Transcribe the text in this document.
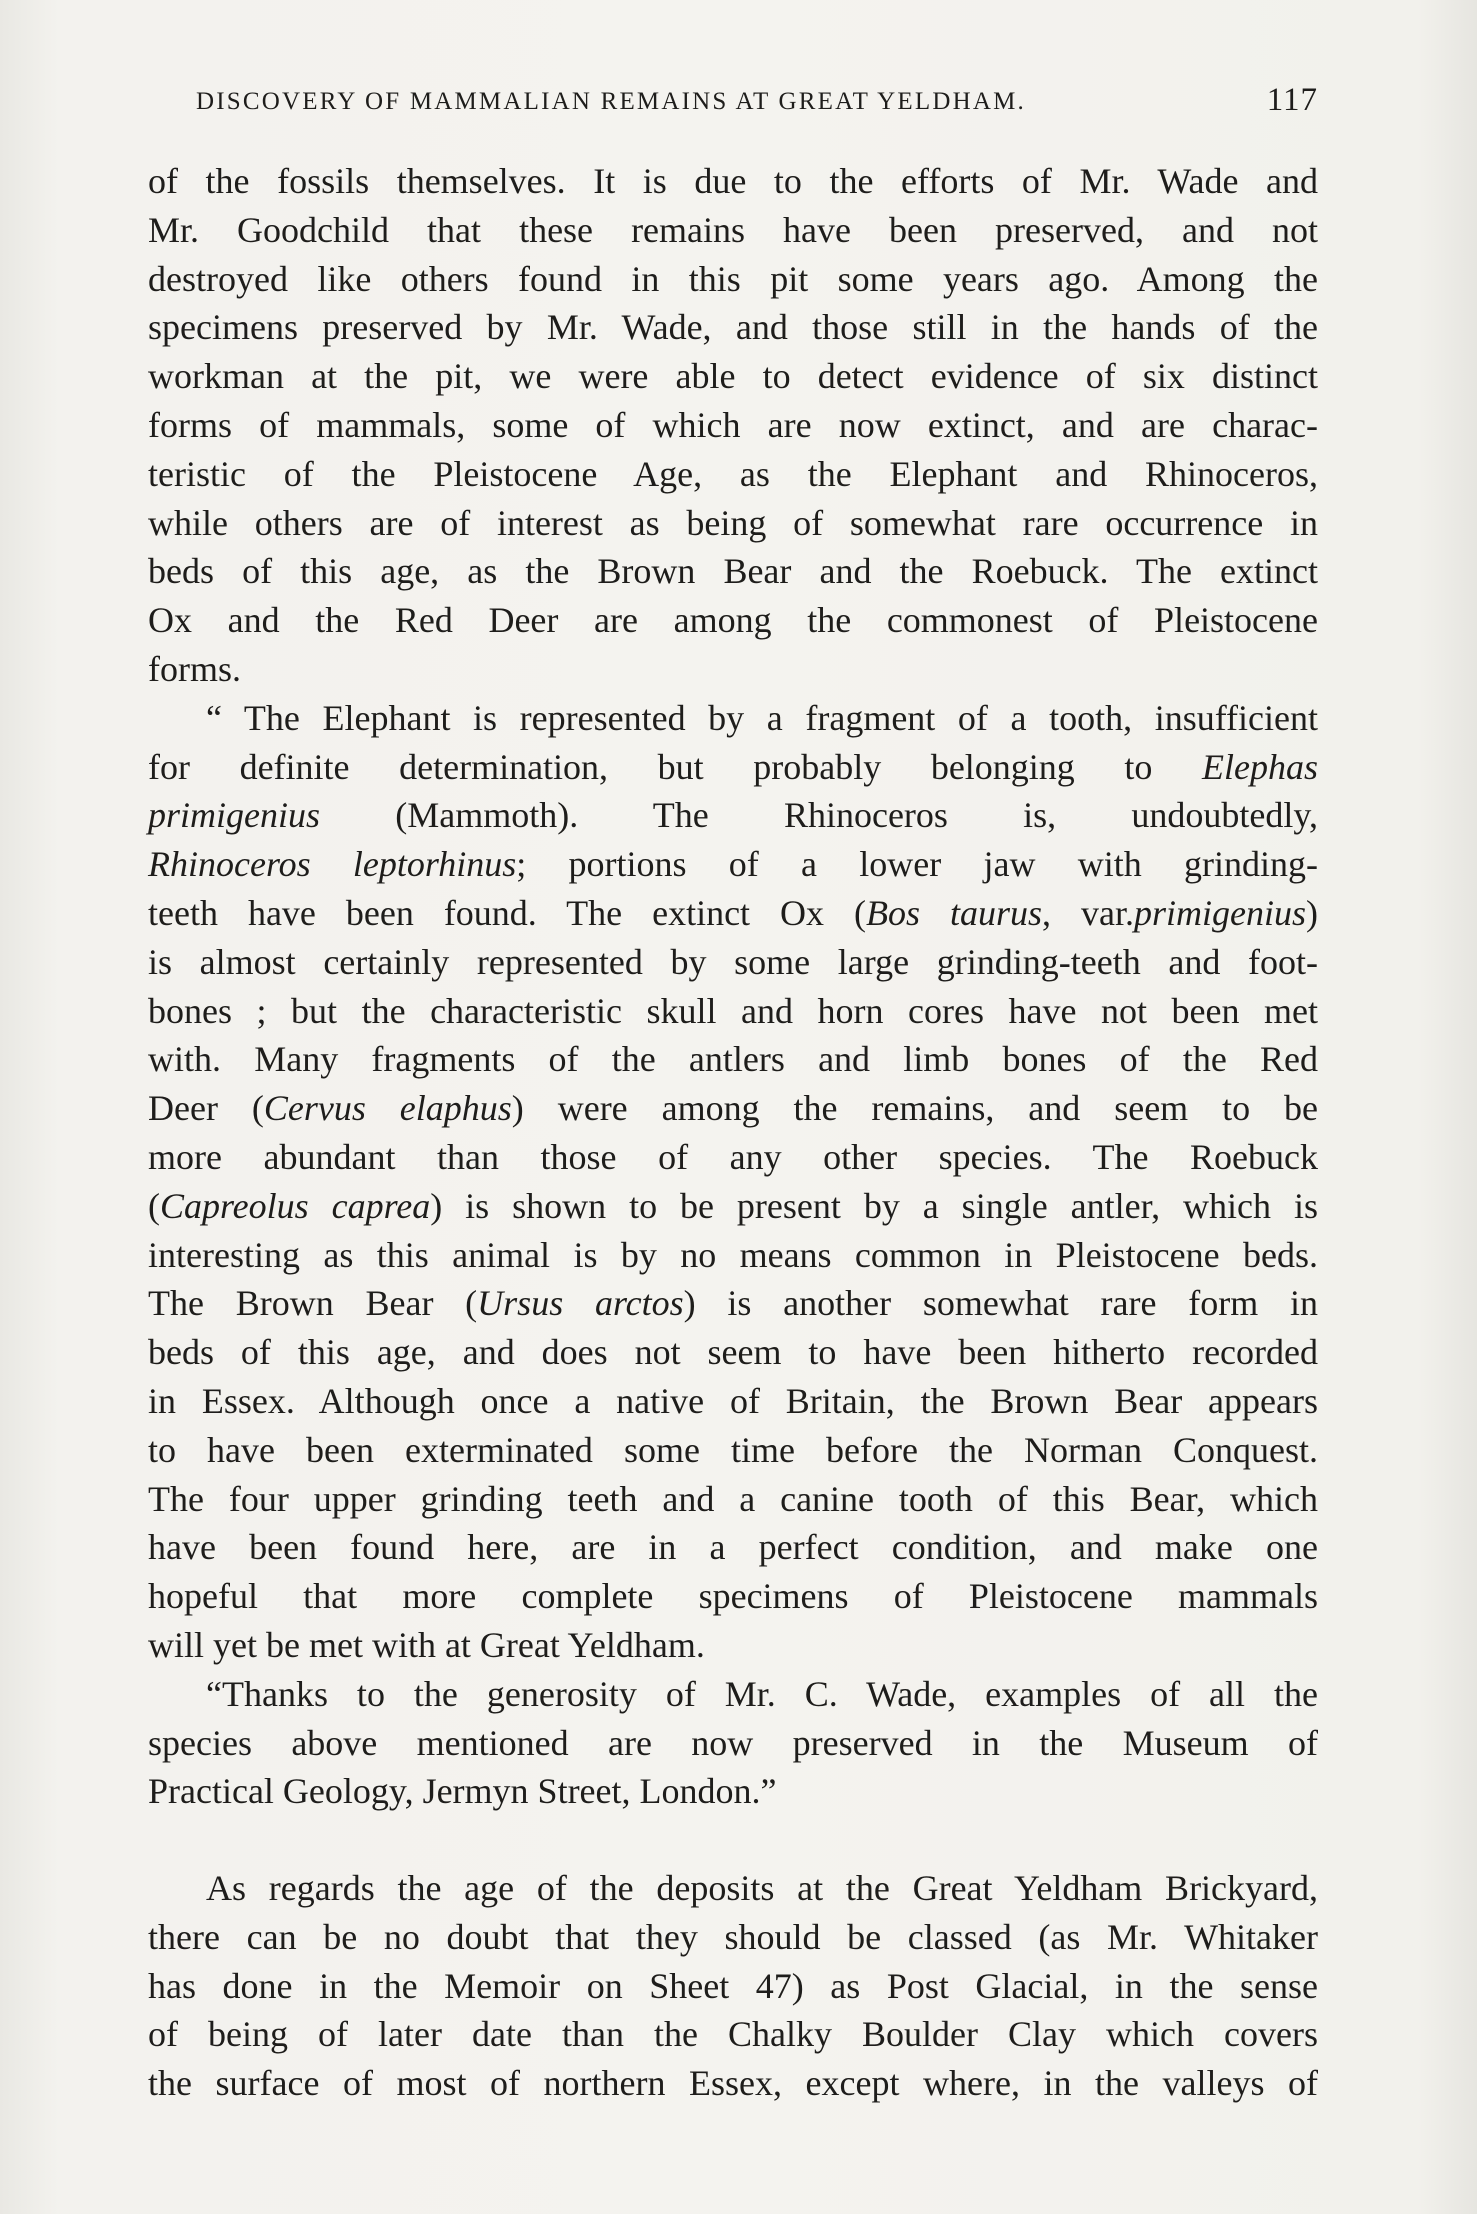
DISCOVERY OF MAMMALIAN REMAINS AT GREAT YELDHAM.	117
of the fossils themselves. It is due to the efforts of Mr. Wade and
Mr. Goodchild that these remains have been preserved, and not
destroyed like others found in this pit some years ago. Among the
specimens preserved by Mr. Wade, and those still in the hands of the
workman at the pit, we were able to detect evidence of six distinct
forms of mammals, some of which are now extinct, and are charac-
teristic of the Pleistocene Age, as the Elephant and Rhinoceros,
while others are of interest as being of somewhat rare occurrence in
beds of this age, as the Brown Bear and the Roebuck. The extinct
Ox and the Red Deer are among the commonest of Pleistocene
forms.
“ The Elephant is represented by a fragment of a tooth, insufficient
for definite determination, but probably belonging to Elephas
primigenius (Mammoth). The Rhinoceros is, undoubtedly,
Rhinoceros leptorhinus; portions of a lower jaw with grinding-
teeth have been found. The extinct Ox (Bos taurus, var.primigenius)
is almost certainly represented by some large grinding-teeth and foot-
bones ; but the characteristic skull and horn cores have not been met
with. Many fragments of the antlers and limb bones of the Red
Deer (Cervus elaphus) were among the remains, and seem to be
more abundant than those of any other species. The Roebuck
(Capreolus caprea) is shown to be present by a single antler, which is
interesting as this animal is by no means common in Pleistocene beds.
The Brown Bear (Ursus arctos) is another somewhat rare form in
beds of this age, and does not seem to have been hitherto recorded
in Essex. Although once a native of Britain, the Brown Bear appears
to have been exterminated some time before the Norman Conquest.
The four upper grinding teeth and a canine tooth of this Bear, which
have been found here, are in a perfect condition, and make one
hopeful that more complete specimens of Pleistocene mammals
will yet be met with at Great Yeldham.
“Thanks to the generosity of Mr. C. Wade, examples of all the
species above mentioned are now preserved in the Museum of
Practical Geology, Jermyn Street, London.”
As regards the age of the deposits at the Great Yeldham Brickyard,
there can be no doubt that they should be classed (as Mr. Whitaker
has done in the Memoir on Sheet 47) as Post Glacial, in the sense
of being of later date than the Chalky Boulder Clay which covers
the surface of most of northern Essex, except where, in the valleys of
